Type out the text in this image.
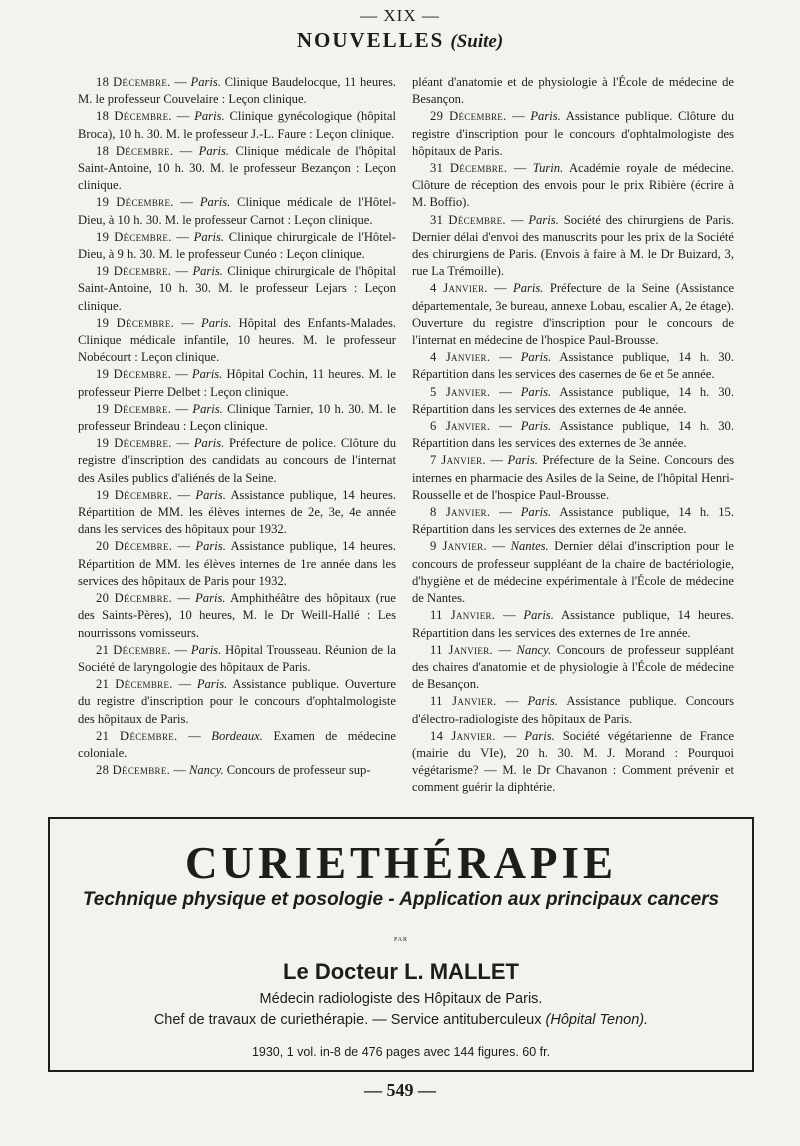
— XIX —
NOUVELLES (Suite)

18 Décembre. — Paris. Clinique Baudelocque, 11 heures. M. le professeur Couvelaire : Leçon clinique.

18 Décembre. — Paris. Clinique gynécologique (hôpital Broca), 10 h. 30. M. le professeur J.-L. Faure : Leçon clinique.

18 Décembre. — Paris. Clinique médicale de l'hôpital Saint-Antoine, 10 h. 30. M. le professeur Bezançon : Leçon clinique.

19 Décembre. — Paris. Clinique médicale de l'Hôtel-Dieu, à 10 h. 30. M. le professeur Carnot : Leçon clinique.

19 Décembre. — Paris. Clinique chirurgicale de l'Hôtel-Dieu, à 9 h. 30. M. le professeur Cunéo : Leçon clinique.

19 Décembre. — Paris. Clinique chirurgicale de l'hôpital Saint-Antoine, 10 h. 30. M. le professeur Lejars : Leçon clinique.

19 Décembre. — Paris. Hôpital des Enfants-Malades. Clinique médicale infantile, 10 heures. M. le professeur Nobécourt : Leçon clinique.

19 Décembre. — Paris. Hôpital Cochin, 11 heures. M. le professeur Pierre Delbet : Leçon clinique.

19 Décembre. — Paris. Clinique Tarnier, 10 h. 30. M. le professeur Brindeau : Leçon clinique.

19 Décembre. — Paris. Préfecture de police. Clôture du registre d'inscription des candidats au concours de l'internat des Asiles publics d'aliénés de la Seine.

19 Décembre. — Paris. Assistance publique, 14 heures. Répartition de MM. les élèves internes de 2e, 3e, 4e année dans les services des hôpitaux pour 1932.

20 Décembre. — Paris. Assistance publique, 14 heures. Répartition de MM. les élèves internes de 1re année dans les services des hôpitaux de Paris pour 1932.

20 Décembre. — Paris. Amphithéâtre des hôpitaux (rue des Saints-Pères), 10 heures, M. le Dr Weill-Hallé : Les nourrissons vomisseurs.

21 Décembre. — Paris. Hôpital Trousseau. Réunion de la Société de laryngologie des hôpitaux de Paris.

21 Décembre. — Paris. Assistance publique. Ouverture du registre d'inscription pour le concours d'ophtalmologiste des hôpitaux de Paris.

21 Décembre. — Bordeaux. Examen de médecine coloniale.

28 Décembre. — Nancy. Concours de professeur sup-

pléant d'anatomie et de physiologie à l'École de médecine de Besançon.

29 Décembre. — Paris. Assistance publique. Clôture du registre d'inscription pour le concours d'ophtalmologiste des hôpitaux de Paris.

31 Décembre. — Turin. Académie royale de médecine. Clôture de réception des envois pour le prix Ribière (écrire à M. Boffio).

31 Décembre. — Paris. Société des chirurgiens de Paris. Dernier délai d'envoi des manuscrits pour les prix de la Société des chirurgiens de Paris. (Envois à faire à M. le Dr Buizard, 3, rue La Trémoille).

4 Janvier. — Paris. Préfecture de la Seine (Assistance départementale, 3e bureau, annexe Lobau, escalier A, 2e étage). Ouverture du registre d'inscription pour le concours de l'internat en médecine de l'hospice Paul-Brousse.

4 Janvier. — Paris. Assistance publique, 14 h. 30. Répartition dans les services des casernes de 6e et 5e année.

5 Janvier. — Paris. Assistance publique, 14 h. 30. Répartition dans les services des externes de 4e année.

6 Janvier. — Paris. Assistance publique, 14 h. 30. Répartition dans les services des externes de 3e année.

7 Janvier. — Paris. Préfecture de la Seine. Concours des internes en pharmacie des Asiles de la Seine, de l'hôpital Henri-Rousselle et de l'hospice Paul-Brousse.

8 Janvier. — Paris. Assistance publique, 14 h. 15. Répartition dans les services des externes de 2e année.

9 Janvier. — Nantes. Dernier délai d'inscription pour le concours de professeur suppléant de la chaire de bactériologie, d'hygiène et de médecine expérimentale à l'École de médecine de Nantes.

11 Janvier. — Paris. Assistance publique, 14 heures. Répartition dans les services des externes de 1re année.

11 Janvier. — Nancy. Concours de professeur suppléant des chaires d'anatomie et de physiologie à l'École de médecine de Besançon.

11 Janvier. — Paris. Assistance publique. Concours d'électro-radiologiste des hôpitaux de Paris.

14 Janvier. — Paris. Société végétarienne de France (mairie du VIe), 20 h. 30. M. J. Morand : Pourquoi végétarisme? — M. le Dr Chavanon : Comment prévenir et comment guérir la diphtérie.

CURIETHÉRAPIE
Technique physique et posologie - Application aux principaux cancers
PAR
Le Docteur L. MALLET
Médecin radiologiste des Hôpitaux de Paris.
Chef de travaux de curiethérapie. — Service antituberculeux (Hôpital Tenon).
1930, 1 vol. in-8 de 476 pages avec 144 figures. 60 fr.
— 549 —
